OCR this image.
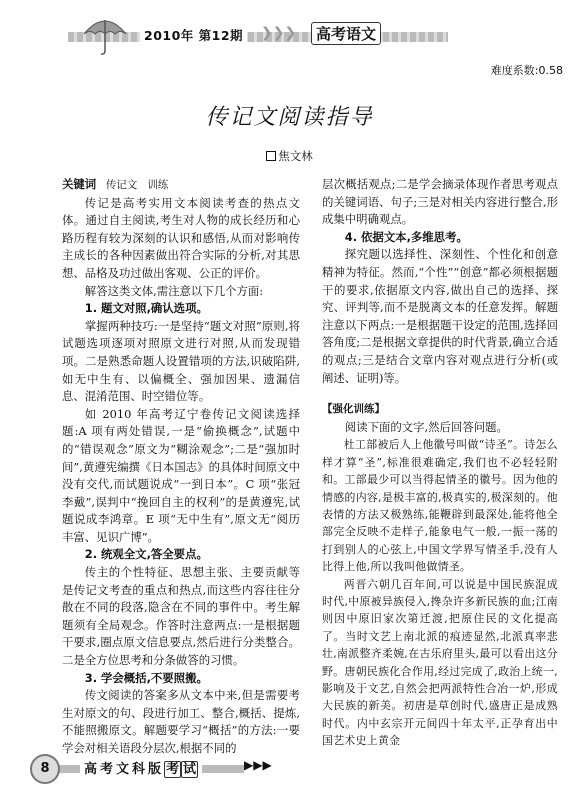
2010年 第12期 ❯❯❯	高考语文
难度系数:0.58
传记文阅读指导
焦文林

关键词 传记文 训练

传记是高考实用文本阅读考查的热点文体。通过自主阅读,考生对人物的成长经历和心路历程有较为深刻的认识和感悟,从而对影响传主成长的各种因素做出符合实际的分析,对其思想、品格及功过做出客观、公正的评价。

解答这类文体,需注意以下几个方面:

1. 题文对照,确认选项。

掌握两种技巧:一是坚持“题文对照”原则,将试题选项逐项对照原文进行对照,从而发现错项。二是熟悉命题人设置错项的方法,识破陷阱,如无中生有、以偏概全、强加因果、遗漏信息、混淆范围、时空错位等。

如 2010 年高考辽宁卷传记文阅读选择题:A 项有两处错误,一是“偷换概念”,试题中的“错误观念”原文为“糊涂观念”;二是“强加时间”,黄遵宪编撰《日本国志》的具体时间原文中没有交代,而试题说成“一到日本”。C 项“张冠李戴”,误判中“挽回自主的权利”的是黄遵宪,试题说成李鸿章。E 项“无中生有”,原文无“阅历丰富、见识广博”。

2. 统观全文,答全要点。

传主的个性特征、思想主张、主要贡献等是传记文考查的重点和热点,而这些内容往往分散在不同的段落,隐含在不同的事件中。考生解题须有全局观念。作答时注意两点:一是根据题干要求,圈点原文信息要点,然后进行分类整合。二是全方位思考和分条做答的习惯。

3. 学会概括,不要照搬。

传文阅读的答案多从文本中来,但是需要考生对原文的句、段进行加工、整合,概括、提炼,不能照搬原文。解题要学习“概括”的方法:一要学会对相关语段分层次,根据不同的

层次概括观点;二是学会摘录体现作者思考观点的关键词语、句子;三是对相关内容进行整合,形成集中明确观点。

4. 依据文本,多维思考。

探究题以选择性、深刻性、个性化和创意精神为特征。然而,“个性”“创意”都必须根据题干的要求,依据原文内容,做出自己的选择、探究、评判等,而不是脱离文本的任意发挥。解题注意以下两点:一是根据题干设定的范围,选择回答角度;二是根据文章提供的时代背景,确立合适的观点;三是结合文章内容对观点进行分析(或阐述、证明)等。

【强化训练】

阅读下面的文字,然后回答问题。

杜工部被后人上他徽号叫做“诗圣”。诗怎么样才算“圣”,标准很难确定,我们也不必轻轻附和。工部最少可以当得起情圣的徽号。因为他的情感的内容,是极丰富的,极真实的,极深刻的。他表情的方法又极熟练,能鞭辟到最深处,能将他全部完全反映不走样子,能象电气一般,一振一荡的打到别人的心弦上,中国文学界写情圣手,没有人比得上他,所以我叫他做情圣。

两晋六朝几百年间,可以说是中国民族混成时代,中原被异族侵入,搀杂许多新民族的血;江南则因中原旧家次第迁渡,把原住民的文化提高了。当时文艺上南北派的痕迹显然,北派真率悲壮,南派整齐柔婉,在古乐府里头,最可以看出这分野。唐朝民族化合作用,经过完成了,政治上统一,影响及于文艺,自然会把两派特性合冶一炉,形成大民族的新美。初唐是草创时代,盛唐正是成熟时代。内中玄宗开元间四十年太平,正孕育出中国艺术史上黄金

8	高考文科版 考 试	▶▶▶
